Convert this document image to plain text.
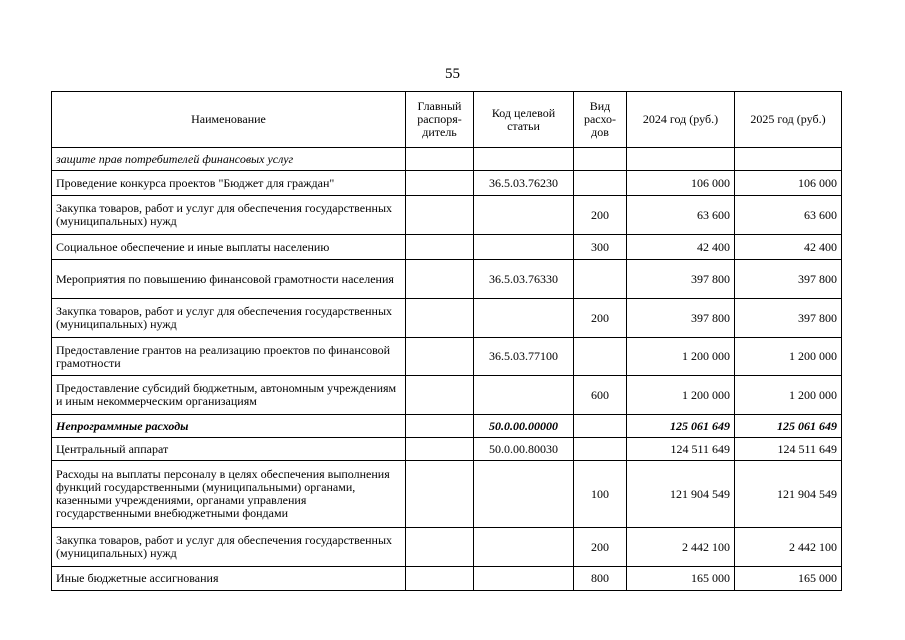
55
Наименование	Главный распоря-дитель	Код целевой статьи	Вид расхо-дов	2024 год (руб.)	2025 год (руб.)
защите прав потребителей финансовых услуг					
Проведение конкурса проектов "Бюджет для граждан"		36.5.03.76230		106 000	106 000
Закупка товаров, работ и услуг для обеспечения государственных (муниципальных) нужд			200	63 600	63 600
Социальное обеспечение и иные выплаты населению			300	42 400	42 400
Мероприятия по повышению финансовой грамотности населения		36.5.03.76330		397 800	397 800
Закупка товаров, работ и услуг для обеспечения государственных (муниципальных) нужд			200	397 800	397 800
Предоставление грантов на реализацию проектов по финансовой грамотности		36.5.03.77100		1 200 000	1 200 000
Предоставление субсидий бюджетным, автономным учреждениям и иным некоммерческим организациям			600	1 200 000	1 200 000
Непрограммные расходы		50.0.00.00000		125 061 649	125 061 649
Центральный аппарат		50.0.00.80030		124 511 649	124 511 649
Расходы на выплаты персоналу в целях обеспечения выполнения функций государственными (муниципальными) органами, казенными учреждениями, органами управления государственными внебюджетными фондами			100	121 904 549	121 904 549
Закупка товаров, работ и услуг для обеспечения государственных (муниципальных) нужд			200	2 442 100	2 442 100
Иные бюджетные ассигнования			800	165 000	165 000
